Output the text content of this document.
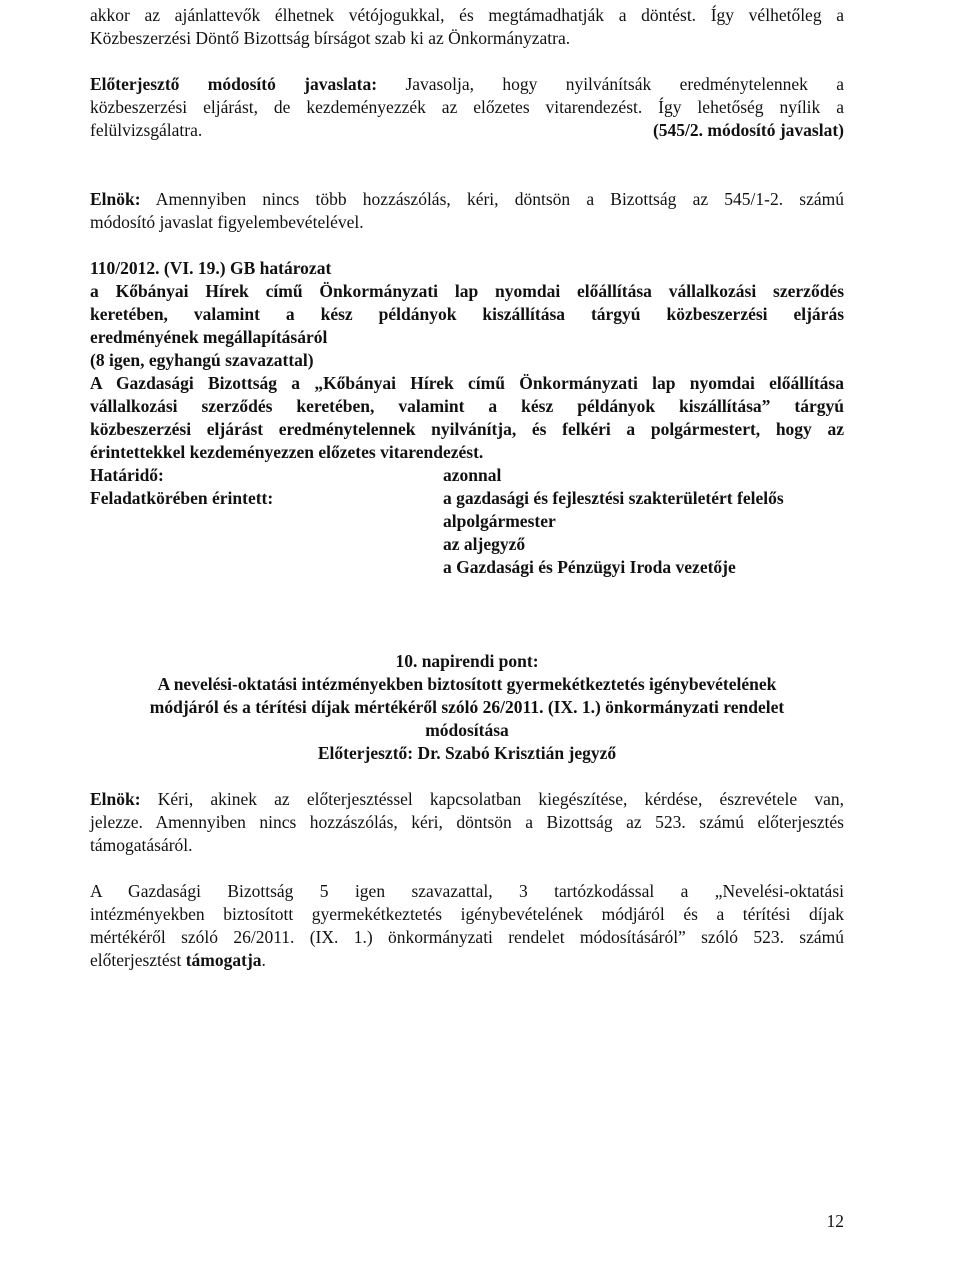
akkor az ajánlattevők élhetnek vétójogukkal, és megtámadhatják a döntést. Így vélhetőleg a
Közbeszerzési Döntő Bizottság bírságot szab ki az Önkormányzatra.
Előterjesztő módosító javaslata: Javasolja, hogy nyilvánítsák eredménytelennek a
közbeszerzési eljárást, de kezdeményezzék az előzetes vitarendezést. Így lehetőség nyílik a
felülvizsgálatra.	(545/2. módosító javaslat)
Elnök: Amennyiben nincs több hozzászólás, kéri, döntsön a Bizottság az 545/1-2. számú
módosító javaslat figyelembevételével.
110/2012. (VI. 19.) GB határozat
a Kőbányai Hírek című Önkormányzati lap nyomdai előállítása vállalkozási szerződés
keretében, valamint a kész példányok kiszállítása tárgyú közbeszerzési eljárás
eredményének megállapításáról
(8 igen, egyhangú szavazattal)
A Gazdasági Bizottság a „Kőbányai Hírek című Önkormányzati lap nyomdai előállítása
vállalkozási szerződés keretében, valamint a kész példányok kiszállítása” tárgyú
közbeszerzési eljárást eredménytelennek nyilvánítja, és felkéri a polgármestert, hogy az
érintettekkel kezdeményezzen előzetes vitarendezést.
Határidő:	azonnal
Feladatkörében érintett:	a gazdasági és fejlesztési szakterületért felelős
alpolgármester
az aljegyző
a Gazdasági és Pénzügyi Iroda vezetője
10. napirendi pont:
A nevelési-oktatási intézményekben biztosított gyermekétkeztetés igénybevételének
módjáról és a térítési díjak mértékéről szóló 26/2011. (IX. 1.) önkormányzati rendelet
módosítása
Előterjesztő: Dr. Szabó Krisztián jegyző
Elnök: Kéri, akinek az előterjesztéssel kapcsolatban kiegészítése, kérdése, észrevétele van,
jelezze. Amennyiben nincs hozzászólás, kéri, döntsön a Bizottság az 523. számú előterjesztés
támogatásáról.
A Gazdasági Bizottság 5 igen szavazattal, 3 tartózkodással a „Nevelési-oktatási
intézményekben biztosított gyermekétkeztetés igénybevételének módjáról és a térítési díjak
mértékéről szóló 26/2011. (IX. 1.) önkormányzati rendelet módosításáról” szóló 523. számú
előterjesztést támogatja.
12
